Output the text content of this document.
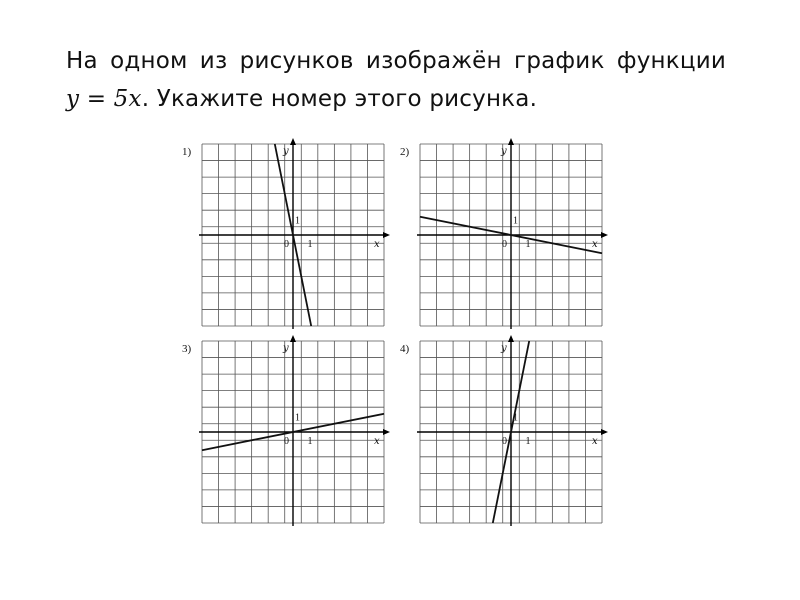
На одном из рисунков изображён график функции

y = 5x. Укажите номер этого рисунка.

1)	y
x
0 1
1
2)	y
x
0 1
1
3)	y
x
0 1
1
4)	y
x
0 1
1
